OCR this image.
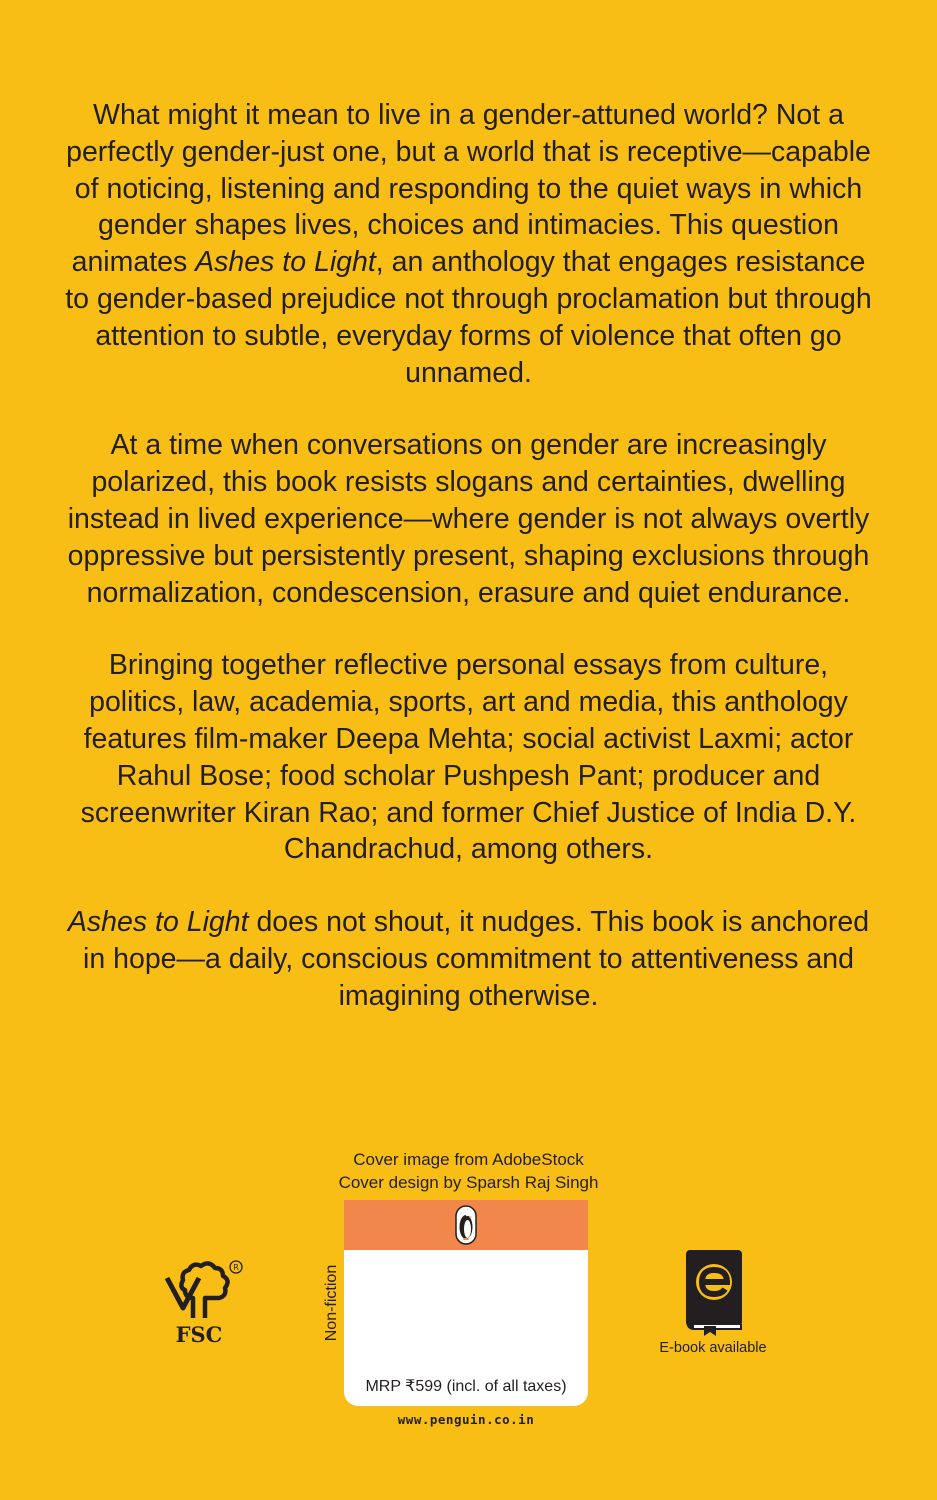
What might it mean to live in a gender-attuned world? Not a perfectly gender-just one, but a world that is receptive—capable of noticing, listening and responding to the quiet ways in which gender shapes lives, choices and intimacies. This question animates Ashes to Light, an anthology that engages resistance to gender-based prejudice not through proclamation but through attention to subtle, everyday forms of violence that often go unnamed.

At a time when conversations on gender are increasingly polarized, this book resists slogans and certainties, dwelling instead in lived experience—where gender is not always overtly oppressive but persistently present, shaping exclusions through normalization, condescension, erasure and quiet endurance.

Bringing together reflective personal essays from culture, politics, law, academia, sports, art and media, this anthology features film-maker Deepa Mehta; social activist Laxmi; actor Rahul Bose; food scholar Pushpesh Pant; producer and screenwriter Kiran Rao; and former Chief Justice of India D.Y. Chandrachud, among others.

Ashes to Light does not shout, it nudges. This book is anchored in hope—a daily, conscious commitment to attentiveness and imagining otherwise.

Cover image from AdobeStock
Cover design by Sparsh Raj Singh
Non-fiction
MRP ₹599 (incl. of all taxes)
www.penguin.co.in
R
FSC
E-book available
